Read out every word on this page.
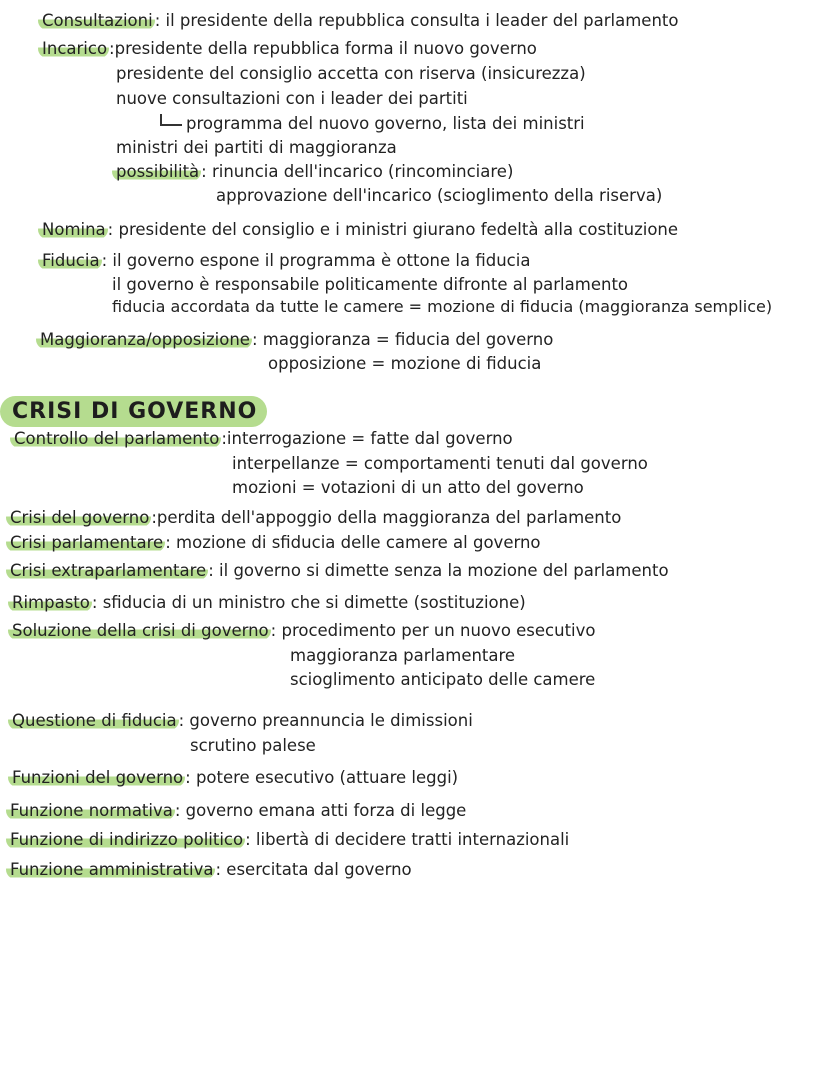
Consultazioni : il presidente della repubblica consulta i leader del parlamento
Incarico :presidente della repubblica forma il nuovo governo
presidente del consiglio accetta con riserva (insicurezza)
nuove consultazioni con i leader dei partiti
programma del nuovo governo, lista dei ministri
ministri dei partiti di maggioranza
possibilità : rinuncia dell'incarico (rincominciare)
approvazione dell'incarico (scioglimento della riserva)
Nomina : presidente del consiglio e i ministri giurano fedeltà alla costituzione
Fiducia : il governo espone il programma è ottone la fiducia
il governo è responsabile politicamente difronte al parlamento
fiducia accordata da tutte le camere = mozione di fiducia (maggioranza semplice)
Maggioranza/opposizione : maggioranza = fiducia del governo
opposizione = mozione di fiducia
CRISI DI GOVERNO
Controllo del parlamento :interrogazione = fatte dal governo
interpellanze = comportamenti tenuti dal governo
mozioni = votazioni di un atto del governo
Crisi del governo :perdita dell'appoggio della maggioranza del parlamento
Crisi parlamentare : mozione di sfiducia delle camere al governo
Crisi extraparlamentare : il governo si dimette senza la mozione del parlamento
Rimpasto : sfiducia di un ministro che si dimette (sostituzione)
Soluzione della crisi di governo : procedimento per un nuovo esecutivo
maggioranza parlamentare
scioglimento anticipato delle camere
Questione di fiducia : governo preannuncia le dimissioni
scrutino palese
Funzioni del governo : potere esecutivo (attuare leggi)
Funzione normativa : governo emana atti forza di legge
Funzione di indirizzo politico : libertà di decidere tratti internazionali
Funzione amministrativa : esercitata dal governo
